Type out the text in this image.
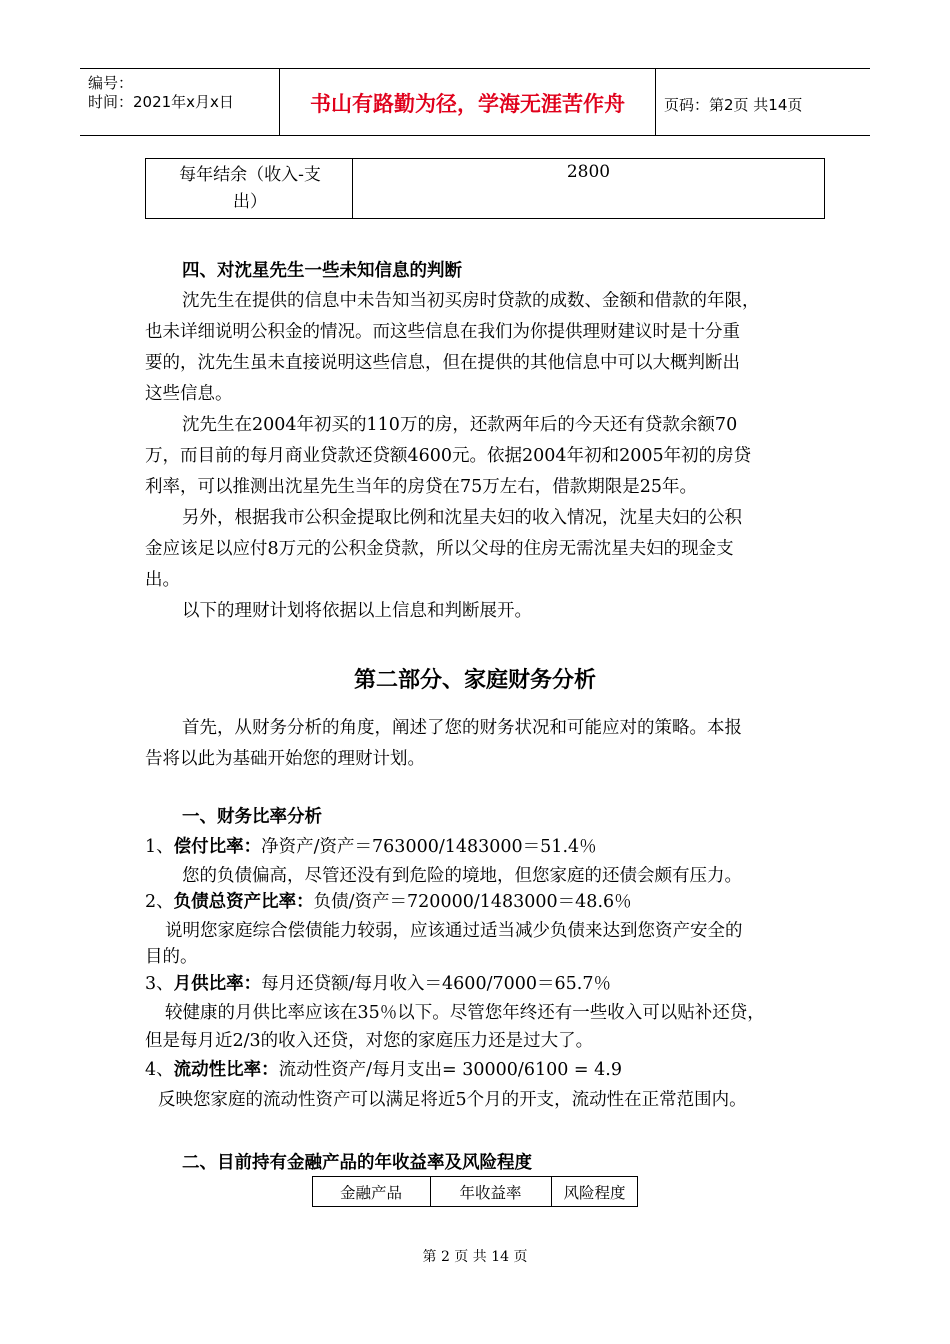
编号：
时间：2021年x月x日	书山有路勤为径，学海无涯苦作舟	页码：第2页 共14页
每年结余（收入-支
出）
2800
四、对沈星先生一些未知信息的判断
沈先生在提供的信息中未告知当初买房时贷款的成数、金额和借款的年限，
也未详细说明公积金的情况。而这些信息在我们为你提供理财建议时是十分重
要的，沈先生虽未直接说明这些信息，但在提供的其他信息中可以大概判断出
这些信息。
沈先生在2004年初买的110万的房，还款两年后的今天还有贷款余额70
万，而目前的每月商业贷款还贷额4600元。依据2004年初和2005年初的房贷
利率，可以推测出沈星先生当年的房贷在75万左右，借款期限是25年。
另外，根据我市公积金提取比例和沈星夫妇的收入情况，沈星夫妇的公积
金应该足以应付8万元的公积金贷款，所以父母的住房无需沈星夫妇的现金支
出。
以下的理财计划将依据以上信息和判断展开。
第二部分、家庭财务分析
首先，从财务分析的角度，阐述了您的财务状况和可能应对的策略。本报
告将以此为基础开始您的理财计划。
一、财务比率分析
1、偿付比率：净资产/资产＝763000/1483000＝51.4％
您的负债偏高，尽管还没有到危险的境地，但您家庭的还债会颇有压力。
2、负债总资产比率：负债/资产＝720000/1483000＝48.6％
说明您家庭综合偿债能力较弱，应该通过适当减少负债来达到您资产安全的
目的。
3、月供比率：每月还贷额/每月收入＝4600/7000＝65.7％
较健康的月供比率应该在35％以下。尽管您年终还有一些收入可以贴补还贷，
但是每月近2/3的收入还贷，对您的家庭压力还是过大了。
4、流动性比率：流动性资产/每月支出= 30000/6100 = 4.9
反映您家庭的流动性资产可以满足将近5个月的开支，流动性在正常范围内。
二、目前持有金融产品的年收益率及风险程度
金融产品	年收益率	风险程度
第 2 页 共 14 页
